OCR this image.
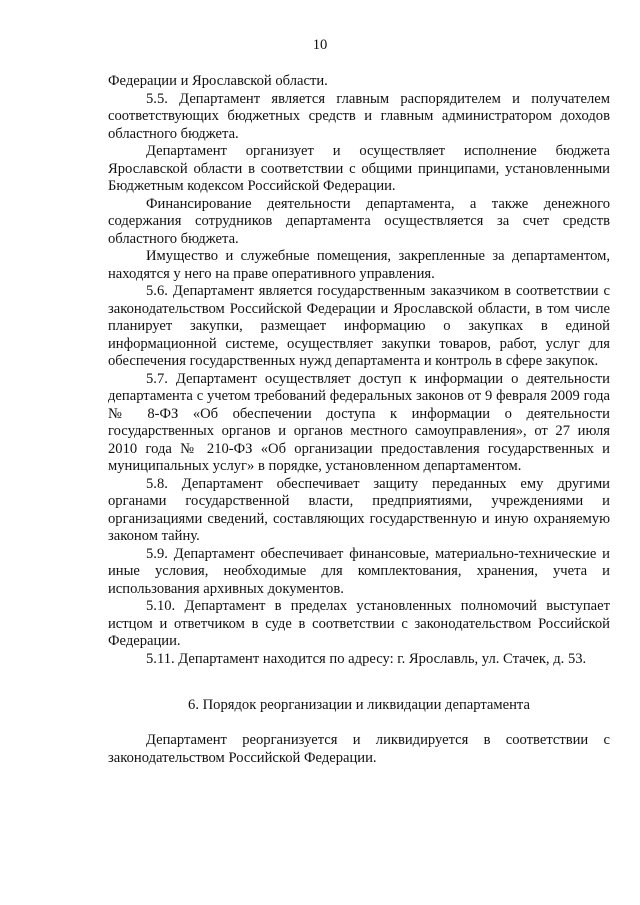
10

Федерации и Ярославской области.

5.5. Департамент является главным распорядителем и получателем соответствующих бюджетных средств и главным администратором доходов областного бюджета.

Департамент организует и осуществляет исполнение бюджета Ярославской области в соответствии с общими принципами, установленными Бюджетным кодексом Российской Федерации.

Финансирование деятельности департамента, а также денежного содержания сотрудников департамента осуществляется за счет средств областного бюджета.

Имущество и служебные помещения, закрепленные за департаментом, находятся у него на праве оперативного управления.

5.6. Департамент является государственным заказчиком в соответствии с законодательством Российской Федерации и Ярославской области, в том числе планирует закупки, размещает информацию о закупках в единой информационной системе, осуществляет закупки товаров, работ, услуг для обеспечения государственных нужд департамента и контроль в сфере закупок.

5.7. Департамент осуществляет доступ к информации о деятельности департамента с учетом требований федеральных законов от 9 февраля 2009 года № 8-ФЗ «Об обеспечении доступа к информации о деятельности государственных органов и органов местного самоуправления», от 27 июля 2010 года № 210-ФЗ «Об организации предоставления государственных и муниципальных услуг» в порядке, установленном департаментом.

5.8. Департамент обеспечивает защиту переданных ему другими органами государственной власти, предприятиями, учреждениями и организациями сведений, составляющих государственную и иную охраняемую законом тайну.

5.9. Департамент обеспечивает финансовые, материально-технические и иные условия, необходимые для комплектования, хранения, учета и использования архивных документов.

5.10. Департамент в пределах установленных полномочий выступает истцом и ответчиком в суде в соответствии с законодательством Российской Федерации.

5.11. Департамент находится по адресу: г. Ярославль, ул. Стачек, д. 53.

6. Порядок реорганизации и ликвидации департамента

Департамент реорганизуется и ликвидируется в соответствии с законодательством Российской Федерации.
